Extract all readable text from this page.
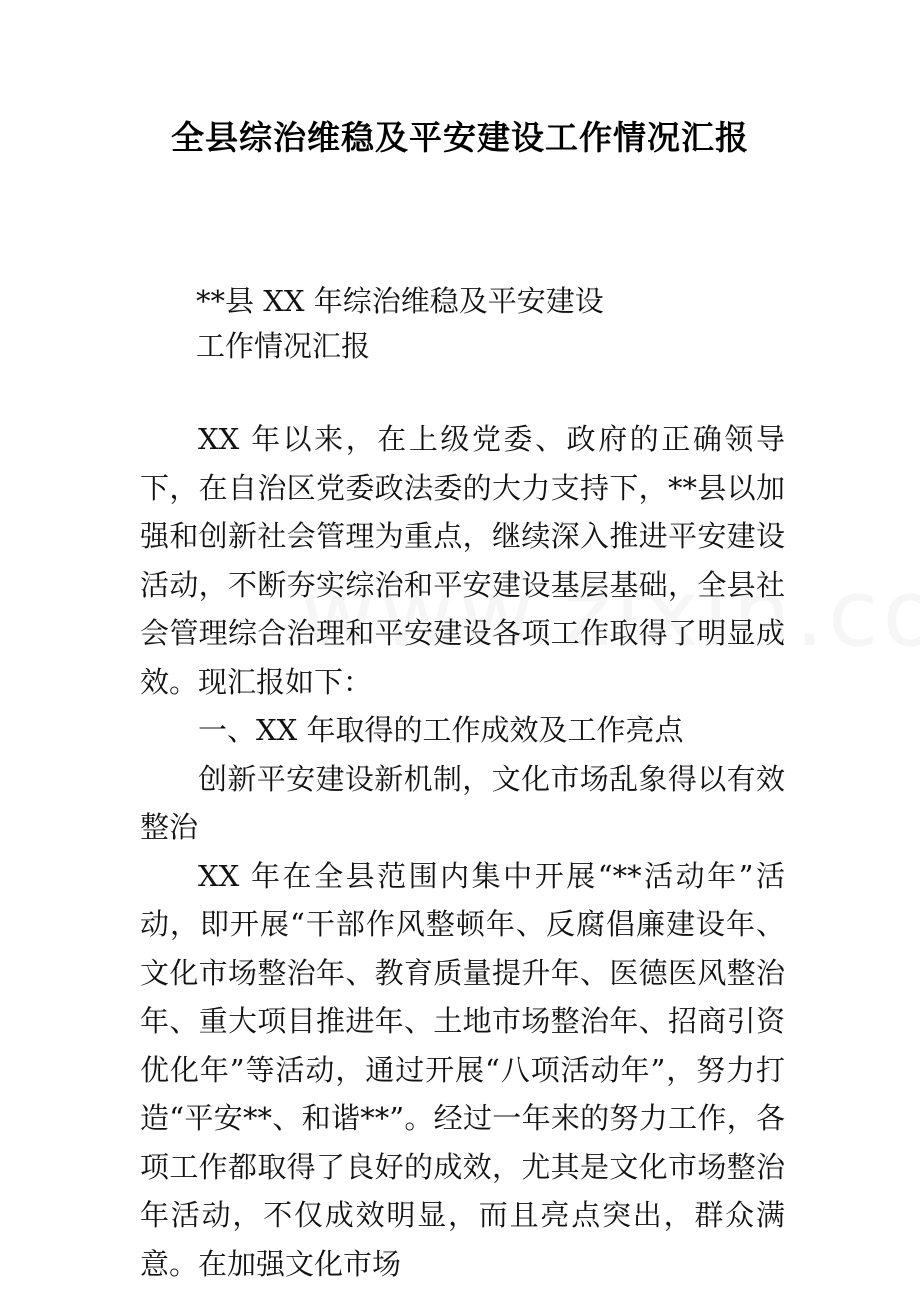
全县综治维稳及平安建设工作情况汇报
**县 XX 年综治维稳及平安建设
工作情况汇报

XX 年以来，在上级党委、政府的正确领导下，在自治区党委政法委的大力支持下，**县以加强和创新社会管理为重点，继续深入推进平安建设活动，不断夯实综治和平安建设基层基础，全县社会管理综合治理和平安建设各项工作取得了明显成效。现汇报如下：

一、XX 年取得的工作成效及工作亮点

创新平安建设新机制，文化市场乱象得以有效整治

XX 年在全县范围内集中开展“**活动年”活动，即开展“干部作风整顿年、反腐倡廉建设年、文化市场整治年、教育质量提升年、医德医风整治年、重大项目推进年、土地市场整治年、招商引资优化年”等活动，通过开展“八项活动年”，努力打造“平安**、和谐**”。经过一年来的努力工作，各项工作都取得了良好的成效，尤其是文化市场整治年活动，不仅成效明显，而且亮点突出，群众满意。在加强文化市场
